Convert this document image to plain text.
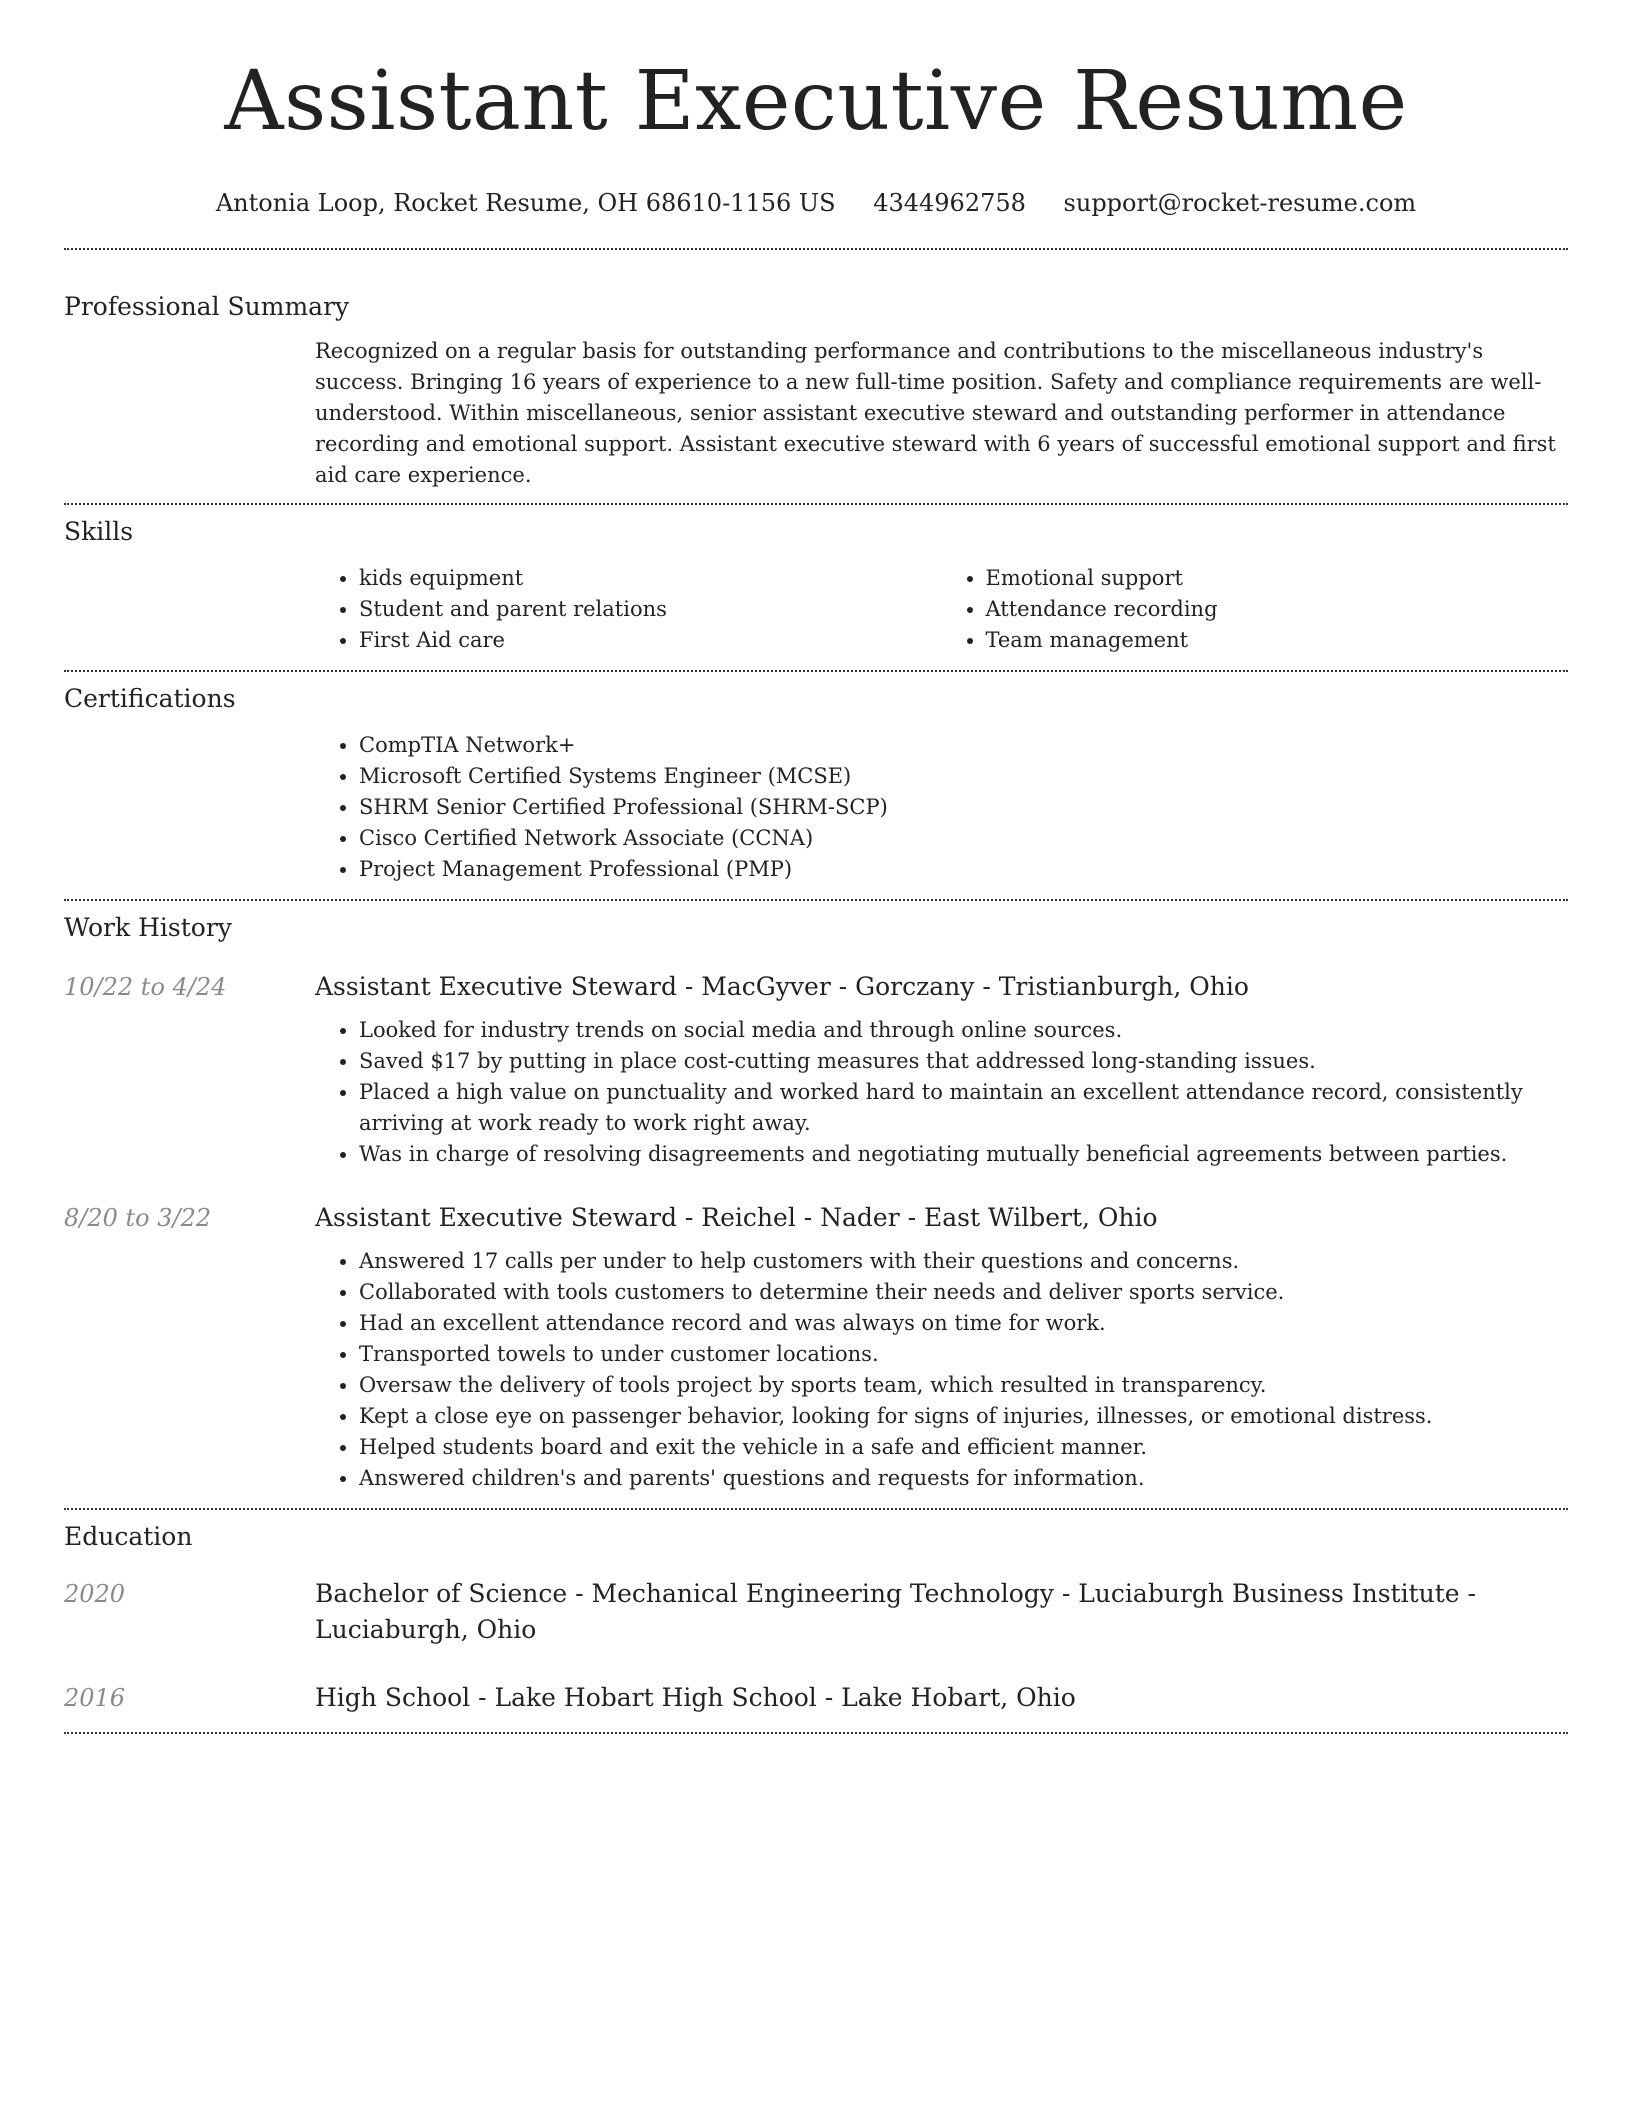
Assistant Executive Resume
Antonia Loop, Rocket Resume, OH 68610-1156 US 4344962758 support@rocket-resume.com
Professional Summary

Recognized on a regular basis for outstanding performance and contributions to the miscellaneous industry's success. Bringing 16 years of experience to a new full-time position. Safety and compliance requirements are well-understood. Within miscellaneous, senior assistant executive steward and outstanding performer in attendance recording and emotional support. Assistant executive steward with 6 years of successful emotional support and first aid care experience.

Skills
• kids equipment
• Student and parent relations
• First Aid care
• Emotional support
• Attendance recording
• Team management
Certifications
• CompTIA Network+
• Microsoft Certified Systems Engineer (MCSE)
• SHRM Senior Certified Professional (SHRM-SCP)
• Cisco Certified Network Associate (CCNA)
• Project Management Professional (PMP)
Work History
10/22 to 4/24	Assistant Executive Steward - MacGyver - Gorczany - Tristianburgh, Ohio
• Looked for industry trends on social media and through online sources.
• Saved $17 by putting in place cost-cutting measures that addressed long-standing issues.
• Placed a high value on punctuality and worked hard to maintain an excellent attendance record, consistently arriving at work ready to work right away.
• Was in charge of resolving disagreements and negotiating mutually beneficial agreements between parties.
8/20 to 3/22	Assistant Executive Steward - Reichel - Nader - East Wilbert, Ohio
• Answered 17 calls per under to help customers with their questions and concerns.
• Collaborated with tools customers to determine their needs and deliver sports service.
• Had an excellent attendance record and was always on time for work.
• Transported towels to under customer locations.
• Oversaw the delivery of tools project by sports team, which resulted in transparency.
• Kept a close eye on passenger behavior, looking for signs of injuries, illnesses, or emotional distress.
• Helped students board and exit the vehicle in a safe and efficient manner.
• Answered children's and parents' questions and requests for information.
Education
2020	Bachelor of Science - Mechanical Engineering Technology - Luciaburgh Business Institute - Luciaburgh, Ohio
2016	High School - Lake Hobart High School - Lake Hobart, Ohio
